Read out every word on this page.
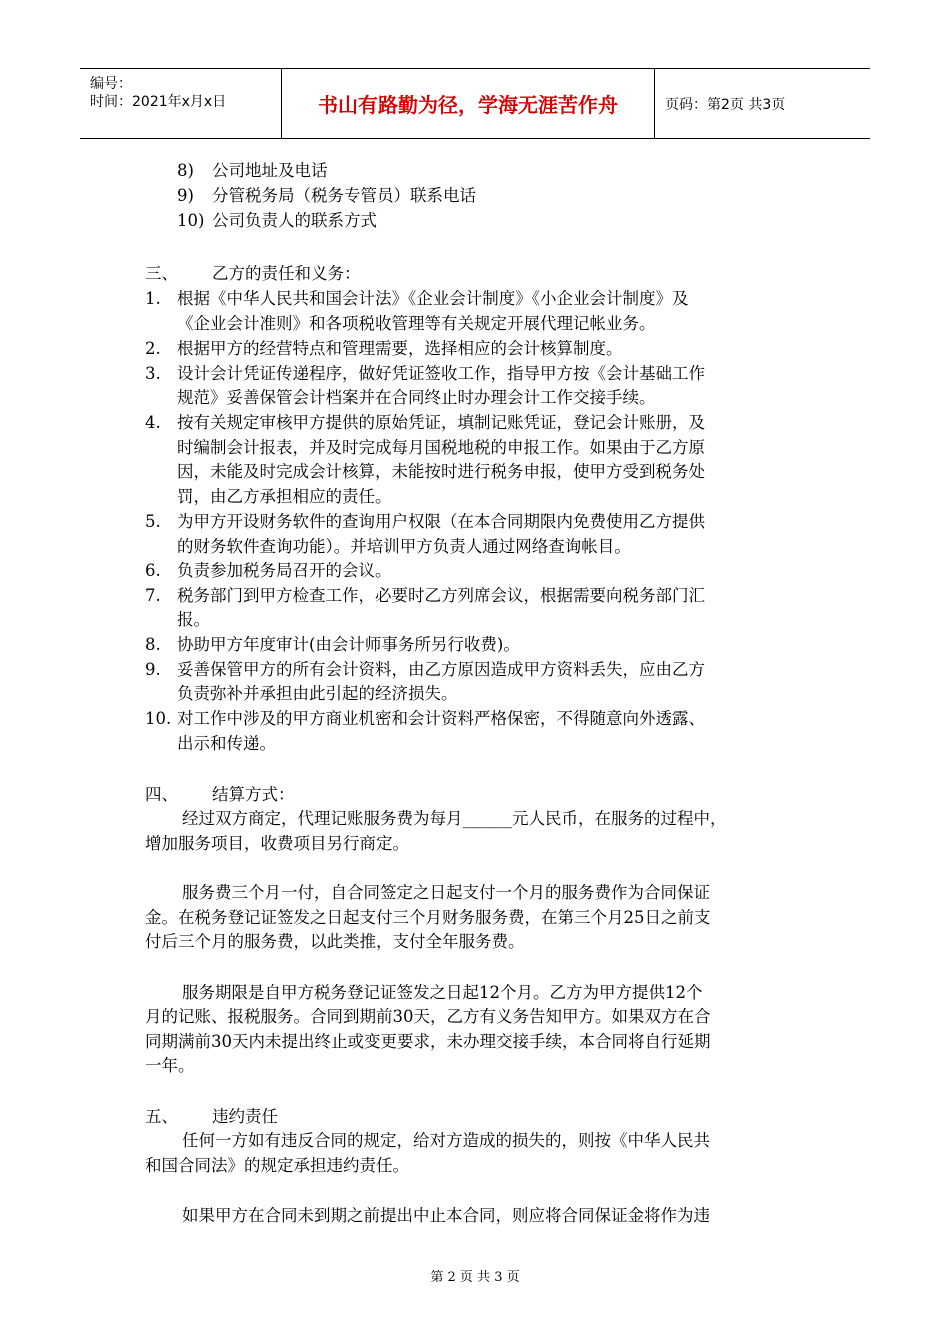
编号：
时间：2021年x月x日	书山有路勤为径，学海无涯苦作舟	页码：第2页 共3页
8) 公司地址及电话
9) 分管税务局（税务专管员）联系电话
10) 公司负责人的联系方式
三、 乙方的责任和义务：
1. 根据《中华人民共和国会计法》《企业会计制度》《小企业会计制度》及
《企业会计准则》和各项税收管理等有关规定开展代理记帐业务。
2. 根据甲方的经营特点和管理需要，选择相应的会计核算制度。
3. 设计会计凭证传递程序，做好凭证签收工作，指导甲方按《会计基础工作
规范》妥善保管会计档案并在合同终止时办理会计工作交接手续。
4. 按有关规定审核甲方提供的原始凭证，填制记账凭证，登记会计账册，及
时编制会计报表，并及时完成每月国税地税的申报工作。如果由于乙方原
因，未能及时完成会计核算，未能按时进行税务申报，使甲方受到税务处
罚，由乙方承担相应的责任。
5. 为甲方开设财务软件的查询用户权限（在本合同期限内免费使用乙方提供
的财务软件查询功能）。并培训甲方负责人通过网络查询帐目。
6. 负责参加税务局召开的会议。
7. 税务部门到甲方检查工作，必要时乙方列席会议，根据需要向税务部门汇
报。
8. 协助甲方年度审计(由会计师事务所另行收费)。
9. 妥善保管甲方的所有会计资料，由乙方原因造成甲方资料丢失，应由乙方
负责弥补并承担由此引起的经济损失。
10. 对工作中涉及的甲方商业机密和会计资料严格保密，不得随意向外透露、
出示和传递。
四、 结算方式：
经过双方商定，代理记账服务费为每月______元人民币，在服务的过程中，
增加服务项目，收费项目另行商定。
服务费三个月一付，自合同签定之日起支付一个月的服务费作为合同保证
金。在税务登记证签发之日起支付三个月财务服务费，在第三个月25日之前支
付后三个月的服务费，以此类推，支付全年服务费。
服务期限是自甲方税务登记证签发之日起12个月。乙方为甲方提供12个
月的记账、报税服务。合同到期前30天，乙方有义务告知甲方。如果双方在合
同期满前30天内未提出终止或变更要求，未办理交接手续，本合同将自行延期
一年。
五、 违约责任
任何一方如有违反合同的规定，给对方造成的损失的，则按《中华人民共
和国合同法》的规定承担违约责任。
如果甲方在合同未到期之前提出中止本合同，则应将合同保证金将作为违
第 2 页 共 3 页
